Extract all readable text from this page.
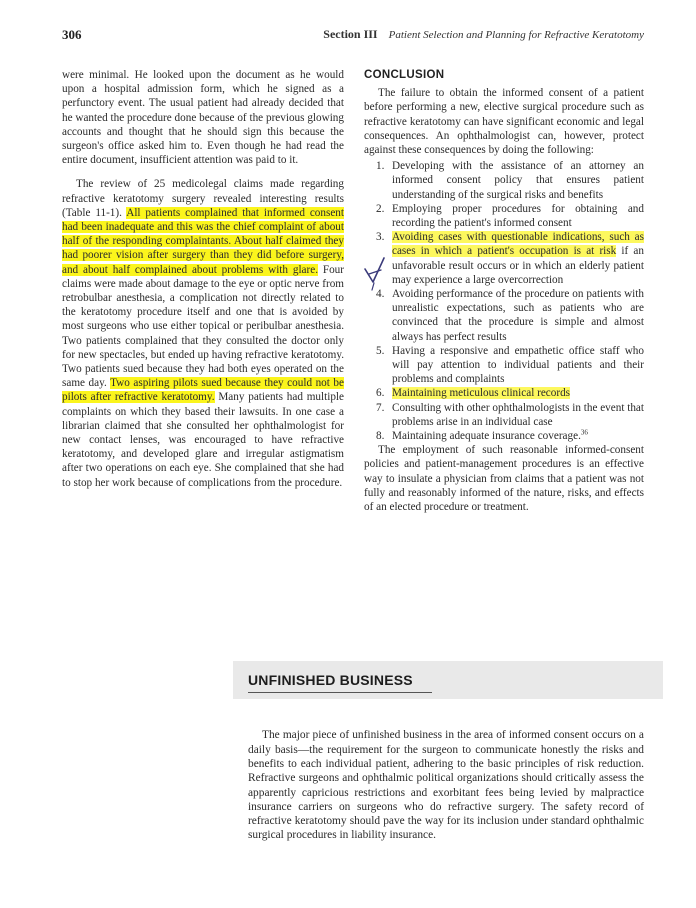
306	Section III Patient Selection and Planning for Refractive Keratotomy

were minimal. He looked upon the document as he would upon a hospital admission form, which he signed as a perfunctory event. The usual patient had already decided that he wanted the procedure done because of the previous glowing accounts and thought that he should sign this because the surgeon's office asked him to. Even though he had read the entire document, insufficient attention was paid to it.

The review of 25 medicolegal claims made regarding refractive keratotomy surgery revealed interesting results (Table 11-1). All patients complained that informed consent had been inadequate and this was the chief complaint of about half of the responding complaintants. About half claimed they had poorer vision after surgery than they did before surgery, and about half complained about problems with glare. Four claims were made about damage to the eye or optic nerve from retrobulbar anesthesia, a complication not directly related to the keratotomy procedure itself and one that is avoided by most surgeons who use either topical or peribulbar anesthesia. Two patients complained that they consulted the doctor only for new spectacles, but ended up having refractive keratotomy. Two patients sued because they had both eyes operated on the same day. Two aspiring pilots sued because they could not be pilots after refractive keratotomy. Many patients had multiple complaints on which they based their lawsuits. In one case a librarian claimed that she consulted her ophthalmologist for new contact lenses, was encouraged to have refractive keratotomy, and developed glare and irregular astigmatism after two operations on each eye. She complained that she had to stop her work because of complications from the procedure.

CONCLUSION

The failure to obtain the informed consent of a patient before performing a new, elective surgical procedure such as refractive keratotomy can have significant economic and legal consequences. An ophthalmologist can, however, protect against these consequences by doing the following:

1. Developing with the assistance of an attorney an informed consent policy that ensures patient understanding of the surgical risks and benefits
2. Employing proper procedures for obtaining and recording the patient's informed consent
3. Avoiding cases with questionable indications, such as cases in which a patient's occupation is at risk if an unfavorable result occurs or in which an elderly patient may experience a large overcorrection
4. Avoiding performance of the procedure on patients with unrealistic expectations, such as patients who are convinced that the procedure is simple and almost always has perfect results
5. Having a responsive and empathetic office staff who will pay attention to individual patients and their problems and complaints
6. Maintaining meticulous clinical records
7. Consulting with other ophthalmologists in the event that problems arise in an individual case
8. Maintaining adequate insurance coverage.$^{36}$

The employment of such reasonable informed-consent policies and patient-management procedures is an effective way to insulate a physician from claims that a patient was not fully and reasonably informed of the nature, risks, and effects of an elected procedure or treatment.

UNFINISHED BUSINESS

The major piece of unfinished business in the area of informed consent occurs on a daily basis—the requirement for the surgeon to communicate honestly the risks and benefits to each individual patient, adhering to the basic principles of risk reduction. Refractive surgeons and ophthalmic political organizations should critically assess the apparently capricious restrictions and exorbitant fees being levied by malpractice insurance carriers on surgeons who do refractive surgery. The safety record of refractive keratotomy should pave the way for its inclusion under standard ophthalmic surgical procedures in liability insurance.
